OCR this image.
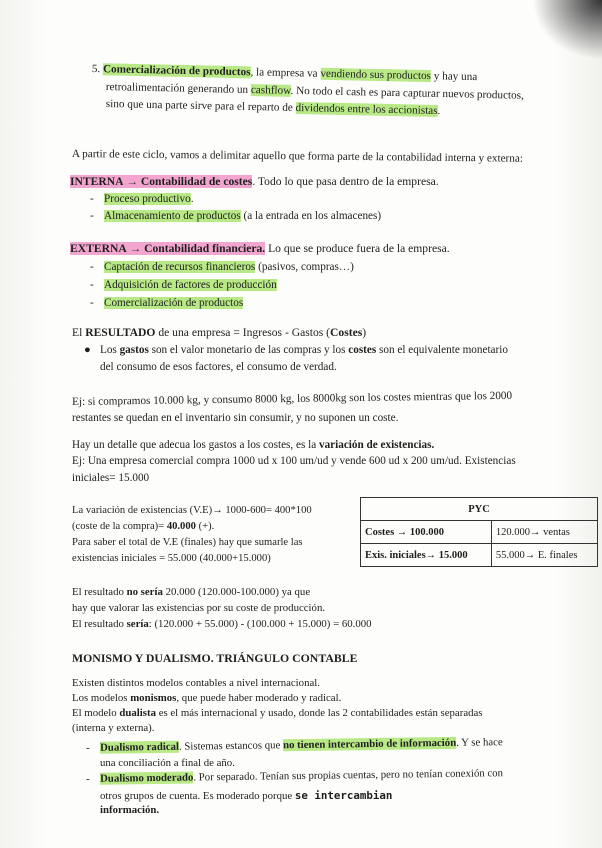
5. Comercialización de productos, la empresa va vendiendo sus productos y hay una
retroalimentación generando un cashflow. No todo el cash es para capturar nuevos productos,
sino que una parte sirve para el reparto de dividendos entre los accionistas.
A partir de este ciclo, vamos a delimitar aquello que forma parte de la contabilidad interna y externa:
INTERNA → Contabilidad de costes. Todo lo que pasa dentro de la empresa.
- Proceso productivo.
- Almacenamiento de productos (a la entrada en los almacenes)
EXTERNA → Contabilidad financiera. Lo que se produce fuera de la empresa.
- Captación de recursos financieros (pasivos, compras…)
- Adquisición de factores de producción
- Comercialización de productos
El RESULTADO de una empresa = Ingresos - Gastos (Costes)
● Los gastos son el valor monetario de las compras y los costes son el equivalente monetario
del consumo de esos factores, el consumo de verdad.
Ej: si compramos 10.000 kg, y consumo 8000 kg, los 8000kg son los costes mientras que los 2000
restantes se quedan en el inventario sin consumir, y no suponen un coste.
Hay un detalle que adecua los gastos a los costes, es la variación de existencias.
Ej: Una empresa comercial compra 1000 ud x 100 um/ud y vende 600 ud x 200 um/ud. Existencias
iniciales= 15.000
La variación de existencias (V.E)→ 1000-600= 400*100
(coste de la compra)= 40.000 (+).
Para saber el total de V.E (finales) hay que sumarle las
existencias iniciales = 55.000 (40.000+15.000)
PYC	
Costes → 100.000	120.000→ ventas
Exis. iniciales→ 15.000	55.000→ E. finales
El resultado no sería 20.000 (120.000-100.000) ya que
hay que valorar las existencias por su coste de producción.
El resultado sería: (120.000 + 55.000) - (100.000 + 15.000) = 60.000
MONISMO Y DUALISMO. TRIÁNGULO CONTABLE
Existen distintos modelos contables a nivel internacional.
Los modelos monismos, que puede haber moderado y radical.
El modelo dualista es el más internacional y usado, donde las 2 contabilidades están separadas
(interna y externa).
- Dualismo radical. Sistemas estancos que no tienen intercambio de información. Y se hace
una conciliación a final de año.
- Dualismo moderado. Por separado. Tenían sus propias cuentas, pero no tenían conexión con
otros grupos de cuenta. Es moderado porque se intercambian
información.
